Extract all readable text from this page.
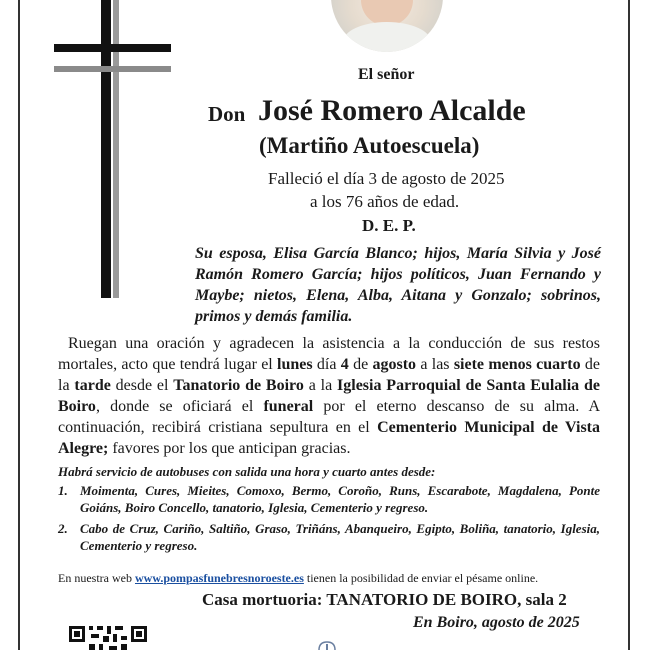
El señor
Don José Romero Alcalde
(Martiño Autoescuela)
Falleció el día 3 de agosto de 2025
a los 76 años de edad.
D. E. P.
Su esposa, Elisa García Blanco; hijos, María Silvia y José Ramón Romero García; hijos políticos, Juan Fernando y Maybe; nietos, Elena, Alba, Aitana y Gonzalo; sobrinos, primos y demás familia.
Ruegan una oración y agradecen la asistencia a la conducción de sus restos mortales, acto que tendrá lugar el lunes día 4 de agosto a las siete menos cuarto de la tarde desde el Tanatorio de Boiro a la Iglesia Parroquial de Santa Eulalia de Boiro, donde se oficiará el funeral por el eterno descanso de su alma. A continuación, recibirá cristiana sepultura en el Cementerio Municipal de Vista Alegre; favores por los que anticipan gracias.
Habrá servicio de autobuses con salida una hora y cuarto antes desde:
1. Moimenta, Cures, Mieites, Comoxo, Bermo, Coroño, Runs, Escarabote, Magdalena, Ponte Goiáns, Boiro Concello, tanatorio, Iglesia, Cementerio y regreso.
2. Cabo de Cruz, Cariño, Saltiño, Graso, Triñáns, Abanqueiro, Egipto, Boliña, tanatorio, Iglesia, Cementerio y regreso.
En nuestra web www.pompasfunebresnoroeste.es tienen la posibilidad de enviar el pésame online.
Casa mortuoria: TANATORIO DE BOIRO, sala 2
En Boiro, agosto de 2025
